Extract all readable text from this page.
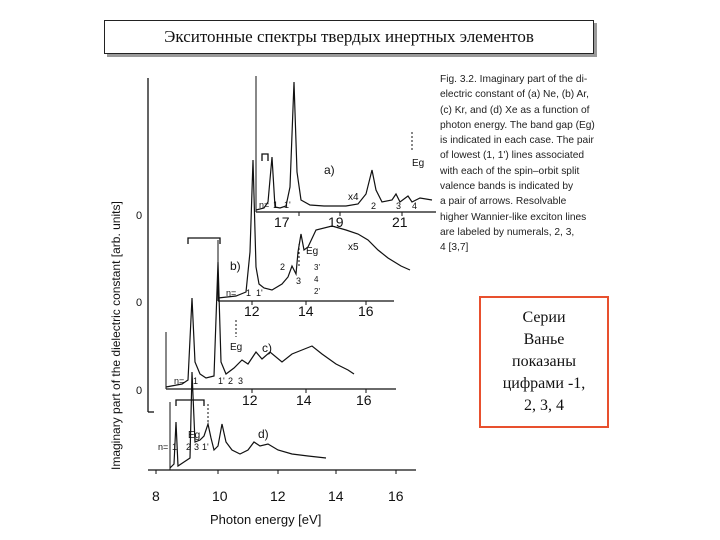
Экситонные спектры твердых инертных элементов
Imaginary part of the dielectric constant [arb. units] 0
0
0
17	19	21
a)
x4
Eg
n= 1 1'	2 3 4
12	14	16
b)
x5
Eg
n= 1 1'
2
3
2'
3'
4
12	14	16
c)
Eg
n= 1 1' 2 3
8	10	12	14	16
d)
Eg
n= 1 2 3 1'
Photon energy [eV]
Fig. 3.2. Imaginary part of the di-
electric constant of (a) Ne, (b) Ar,
(c) Kr, and (d) Xe as a function of
photon energy. The band gap (Eg)
is indicated in each case. The pair
of lowest (1, 1') lines associated
with each of the spin–orbit split
valence bands is indicated by
a pair of arrows. Resolvable
higher Wannier-like exciton lines
are labeled by numerals, 2, 3,
4 [3,7]
Серии
Ванье
показаны
цифрами -1,
2, 3, 4
